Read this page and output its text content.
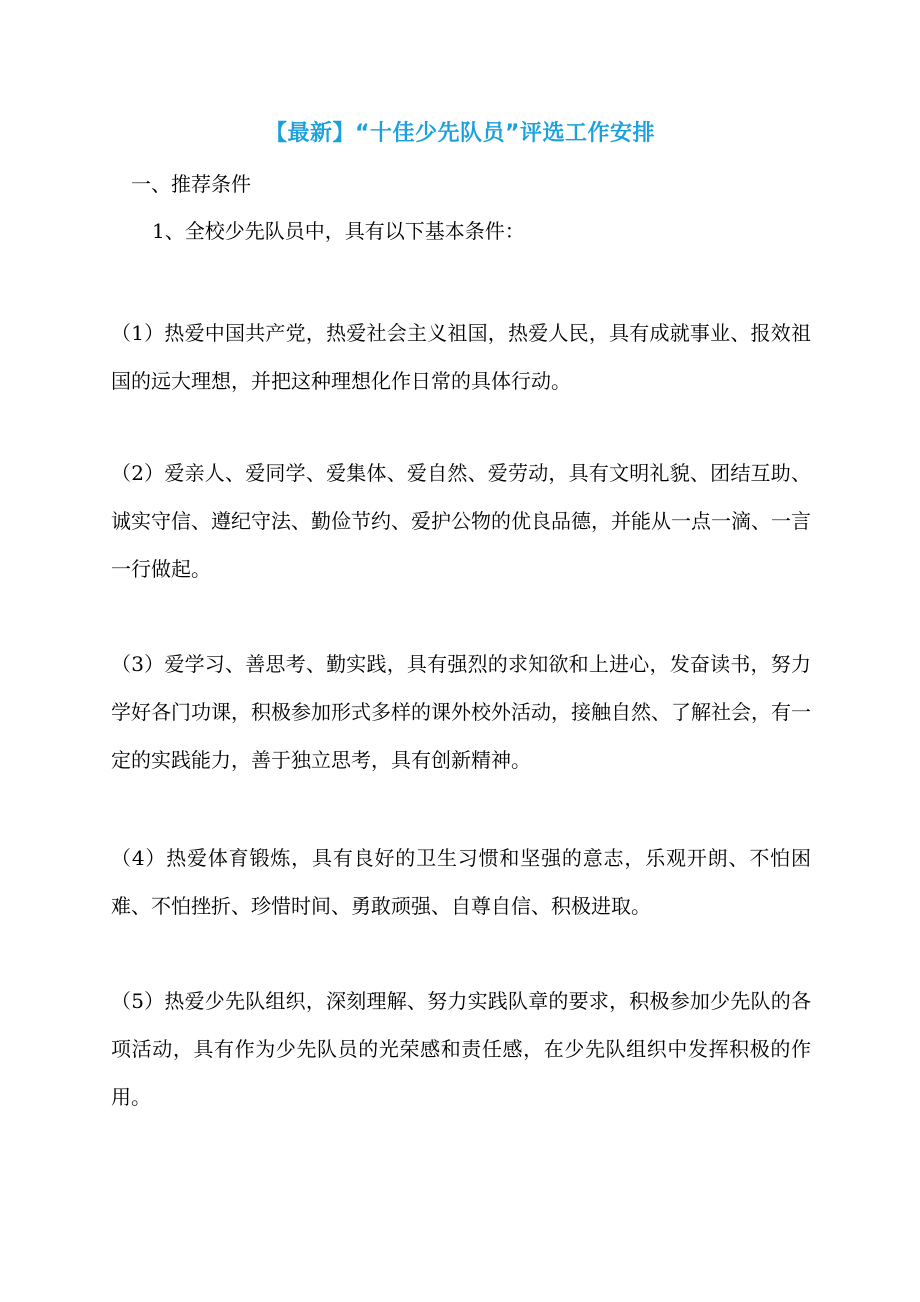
【最新】“十佳少先队员”评选工作安排
一、推荐条件
1、全校少先队员中，具有以下基本条件：
（1）热爱中国共产党，热爱社会主义祖国，热爱人民，具有成就事业、报效祖国的远大理想，并把这种理想化作日常的具体行动。
（2）爱亲人、爱同学、爱集体、爱自然、爱劳动，具有文明礼貌、团结互助、诚实守信、遵纪守法、勤俭节约、爱护公物的优良品德，并能从一点一滴、一言一行做起。
（3）爱学习、善思考、勤实践，具有强烈的求知欲和上进心，发奋读书，努力学好各门功课，积极参加形式多样的课外校外活动，接触自然、了解社会，有一定的实践能力，善于独立思考，具有创新精神。
（4）热爱体育锻炼，具有良好的卫生习惯和坚强的意志，乐观开朗、不怕困难、不怕挫折、珍惜时间、勇敢顽强、自尊自信、积极进取。
（5）热爱少先队组织，深刻理解、努力实践队章的要求，积极参加少先队的各项活动，具有作为少先队员的光荣感和责任感，在少先队组织中发挥积极的作用。
